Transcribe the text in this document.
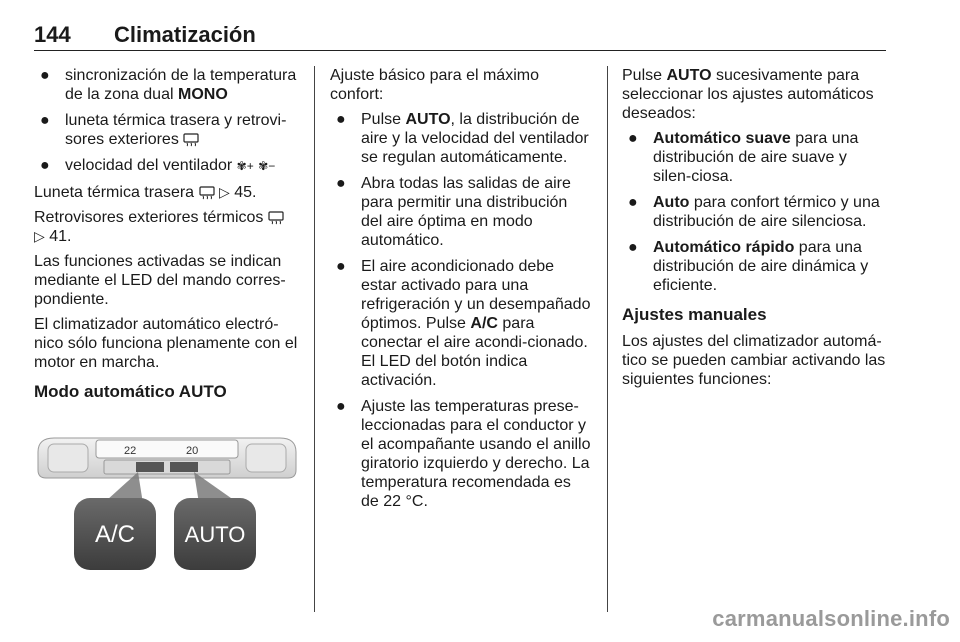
144 Climatización
● sincronización de la temperatura de la zona dual MONO
● luneta térmica trasera y retrovi-sores exteriores
● velocidad del ventilador ✾+ ✾−

Luneta térmica trasera  ▷ 45.

Retrovisores exteriores térmicos
▷ 41.

Las funciones activadas se indican mediante el LED del mando corres-pondiente.

El climatizador automático electró-nico sólo funciona plenamente con el motor en marcha.

Modo automático AUTO
22	20
A/C AUTO

Ajuste básico para el máximo confort:

● Pulse AUTO, la distribución de aire y la velocidad del ventilador se regulan automáticamente.
● Abra todas las salidas de aire para permitir una distribución del aire óptima en modo automático.
● El aire acondicionado debe estar activado para una refrigeración y un desempañado óptimos. Pulse A/C para conectar el aire acondi-cionado. El LED del botón indica activación.
● Ajuste las temperaturas prese-leccionadas para el conductor y el acompañante usando el anillo giratorio izquierdo y derecho. La temperatura recomendada es de 22 °C.

Pulse AUTO sucesivamente para seleccionar los ajustes automáticos deseados:

● Automático suave para una distribución de aire suave y silen-ciosa.
● Auto para confort térmico y una distribución de aire silenciosa.
● Automático rápido para una distribución de aire dinámica y eficiente.
Ajustes manuales

Los ajustes del climatizador automá-tico se pueden cambiar activando las siguientes funciones:

carmanualsonline.info
